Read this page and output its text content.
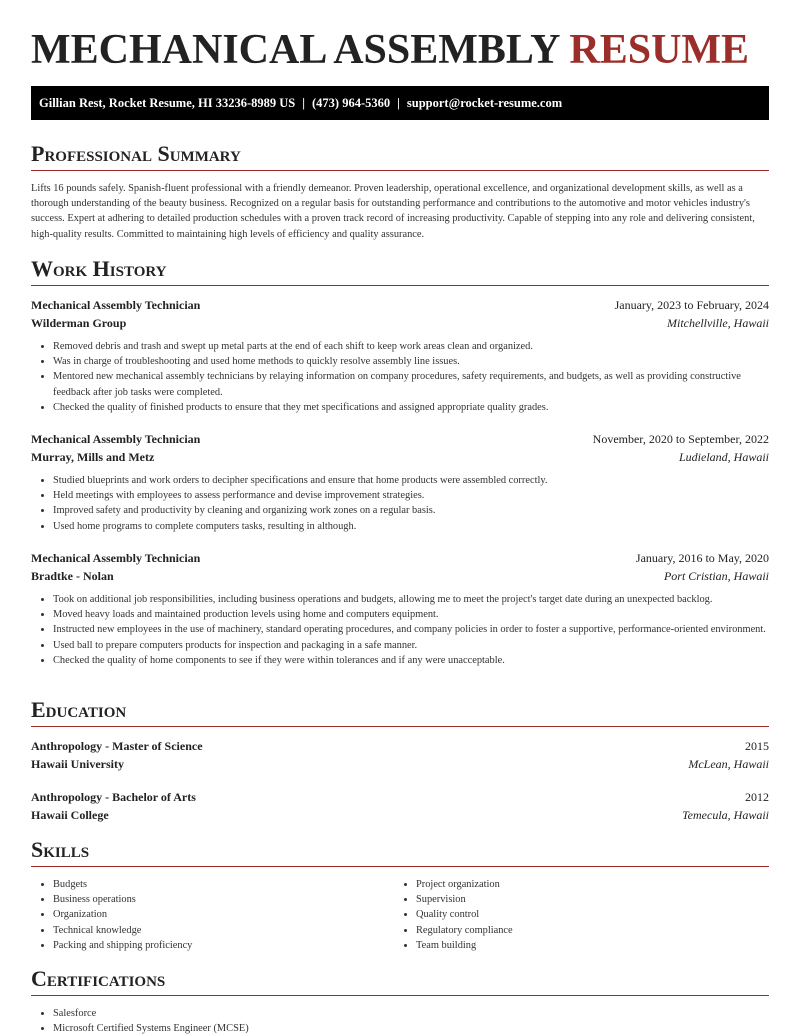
MECHANICAL ASSEMBLY RESUME
Gillian Rest, Rocket Resume, HI 33236-8989 US | (473) 964-5360 | support@rocket-resume.com
Professional Summary

Lifts 16 pounds safely. Spanish-fluent professional with a friendly demeanor. Proven leadership, operational excellence, and organizational development skills, as well as a thorough understanding of the beauty business. Recognized on a regular basis for outstanding performance and contributions to the automotive and motor vehicles industry's success. Expert at adhering to detailed production schedules with a proven track record of increasing productivity. Capable of stepping into any role and delivering consistent, high-quality results. Committed to maintaining high levels of efficiency and quality assurance.

Work History
Mechanical Assembly Technician	January, 2023 to February, 2024
Wilderman Group	Mitchellville, Hawaii
• Removed debris and trash and swept up metal parts at the end of each shift to keep work areas clean and organized.
• Was in charge of troubleshooting and used home methods to quickly resolve assembly line issues.
• Mentored new mechanical assembly technicians by relaying information on company procedures, safety requirements, and budgets, as well as providing constructive feedback after job tasks were completed.
• Checked the quality of finished products to ensure that they met specifications and assigned appropriate quality grades.
Mechanical Assembly Technician	November, 2020 to September, 2022
Murray, Mills and Metz	Ludieland, Hawaii
• Studied blueprints and work orders to decipher specifications and ensure that home products were assembled correctly.
• Held meetings with employees to assess performance and devise improvement strategies.
• Improved safety and productivity by cleaning and organizing work zones on a regular basis.
• Used home programs to complete computers tasks, resulting in although.
Mechanical Assembly Technician	January, 2016 to May, 2020
Bradtke - Nolan	Port Cristian, Hawaii
• Took on additional job responsibilities, including business operations and budgets, allowing me to meet the project's target date during an unexpected backlog.
• Moved heavy loads and maintained production levels using home and computers equipment.
• Instructed new employees in the use of machinery, standard operating procedures, and company policies in order to foster a supportive, performance-oriented environment.
• Used ball to prepare computers products for inspection and packaging in a safe manner.
• Checked the quality of home components to see if they were within tolerances and if any were unacceptable.
Education
Anthropology - Master of Science	2015
Hawaii University	McLean, Hawaii
Anthropology - Bachelor of Arts	2012
Hawaii College	Temecula, Hawaii
Skills
• Budgets
• Business operations
• Organization
• Technical knowledge
• Packing and shipping proficiency
• Project organization
• Supervision
• Quality control
• Regulatory compliance
• Team building
Certifications
• Salesforce
• Microsoft Certified Systems Engineer (MCSE)
